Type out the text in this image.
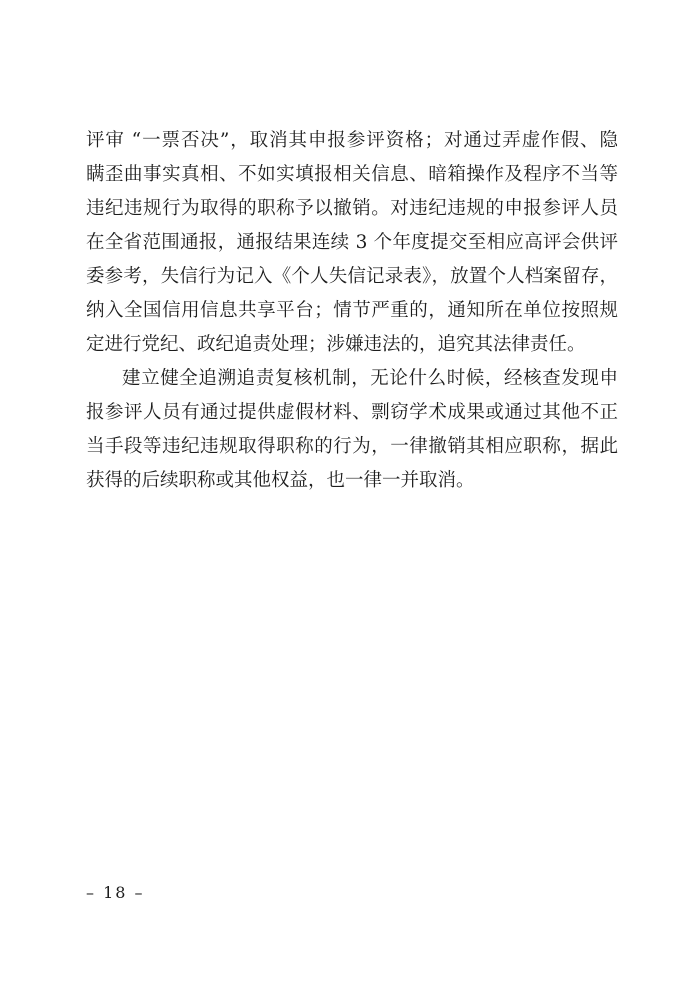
评审 “一票否决”，取消其申报参评资格；对通过弄虚作假、隐
瞒歪曲事实真相、不如实填报相关信息、暗箱操作及程序不当等
违纪违规行为取得的职称予以撤销。对违纪违规的申报参评人员
在全省范围通报，通报结果连续 3 个年度提交至相应高评会供评
委参考，失信行为记入《个人失信记录表》，放置个人档案留存，
纳入全国信用信息共享平台；情节严重的，通知所在单位按照规
定进行党纪、政纪追责处理；涉嫌违法的，追究其法律责任。
建立健全追溯追责复核机制，无论什么时候，经核查发现申
报参评人员有通过提供虚假材料、剽窃学术成果或通过其他不正
当手段等违纪违规取得职称的行为，一律撤销其相应职称，据此
获得的后续职称或其他权益，也一律一并取消。
– 18 –
